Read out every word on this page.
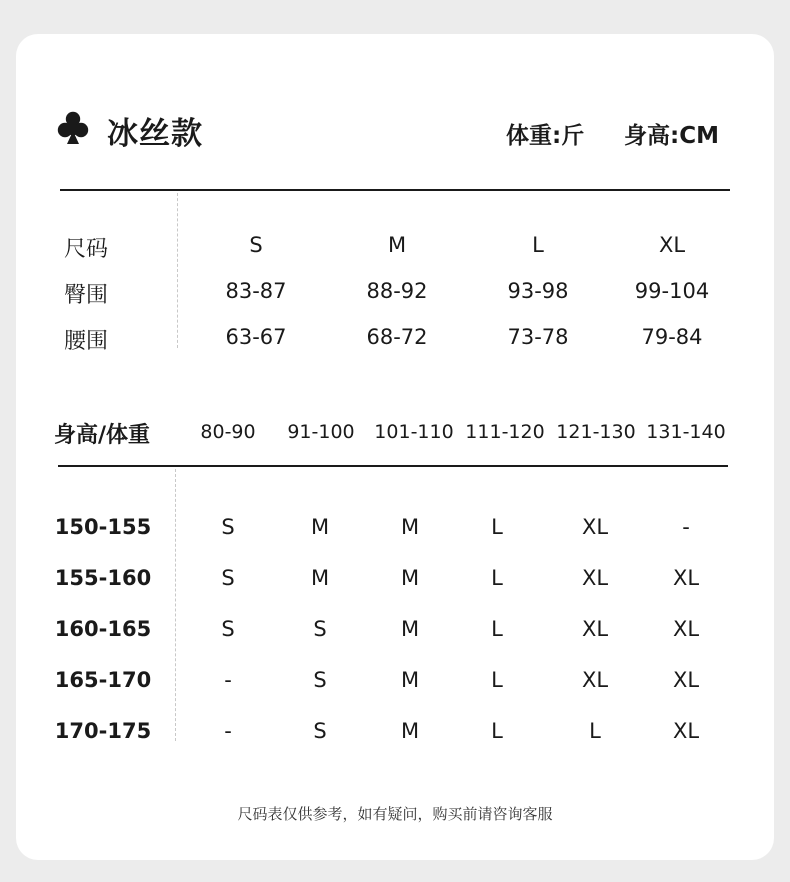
冰丝款	体重:斤 身高:CM
尺码	S	M	L	XL
臀围	83-87	88-92	93-98	99-104
腰围	63-67	68-72	73-78	79-84
身高/体重	80-90 91-100 101-110 111-120 121-130 131-140
150-155	S	M	M	L	XL	-
155-160	S	M	M	L	XL	XL
160-165	S	S	M	L	XL	XL
165-170	-	S	M	L	XL	XL
170-175	-	S	M	L	L	XL
尺码表仅供参考，如有疑问，购买前请咨询客服
